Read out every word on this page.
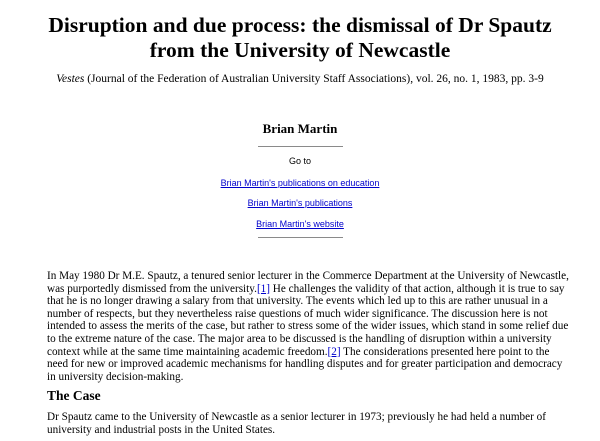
Disruption and due process: the dismissal of Dr Spautz from the University of Newcastle
Vestes (Journal of the Federation of Australian University Staff Associations), vol. 26, no. 1, 1983, pp. 3-9
Brian Martin
Go to
Brian Martin's publications on education
Brian Martin's publications
Brian Martin's website

In May 1980 Dr M.E. Spautz, a tenured senior lecturer in the Commerce Department at the University of Newcastle, was purportedly dismissed from the university.[1] He challenges the validity of that action, although it is true to say that he is no longer drawing a salary from that university. The events which led up to this are rather unusual in a number of respects, but they nevertheless raise questions of much wider significance. The discussion here is not intended to assess the merits of the case, but rather to stress some of the wider issues, which stand in some relief due to the extreme nature of the case. The major area to be discussed is the handling of disruption within a university context while at the same time maintaining academic freedom.[2] The considerations presented here point to the need for new or improved academic mechanisms for handling disputes and for greater participation and democracy in university decision-making.

The Case

Dr Spautz came to the University of Newcastle as a senior lecturer in 1973; previously he had held a number of university and industrial posts in the United States.
